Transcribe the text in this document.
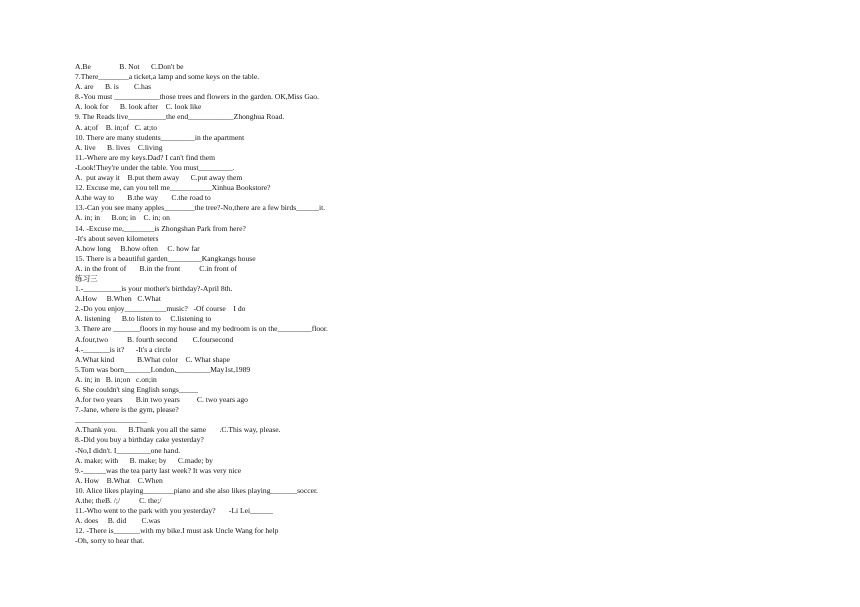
A.Be               B. Not      C.Don't be
7.There________a ticket,a lamp and some keys on the table.
A. are      B. is        C.has
8.-You must ____________those trees and flowers in the garden. OK,Miss Gao.
A. look for      B. look after    C. look like
9. The Reads live__________the end____________Zhonghua Road.
A. at;of    B. in;of   C. at;to
10. There are many students_________in the apartment
A. live      B. lives    C.living
11.-Where are my keys.Dad? I can't find them
-Look!They're under the table. You must_________.
A.  put away it    B.put them away      C.put away them
12. Excuse me, can you tell me___________Xinhua Bookstore?
A.the way to       B.the way       C.the road to
13.-Can you see many apples________the tree?-No,there are a few birds______it.
A. in; in      B.on; in    C. in; on
14. -Excuse me,________is Zhongshan Park from here?
-It's about seven kilometers
A.how long     B.how often     C. how far
15. There is a beautiful garden_________Kangkangs house
A. in the front of       B.in the front          C.in front of
练习三
1.-__________is your mother's birthday?-April 8th.
A.How     B.When   C.What
2.-Do you enjoy___________music?   -Of course    I do
A. listening      B.to listen to     C.listening to
3. There are _______floors in my house and my bedroom is on the_________floor.
A.four,two          B. fourth second        C.foursecond
4.-_______is it?      -It's a circle
A.What kind            B.What color    C. What shape
5.Tom was born_______London,_________May1st,1989
A. in; in   B. in;on   c.on;in
6. She couldn't sing English songs_____
A.for two years       B.in two years         C. two years ago
7.-Jane, where is the gym, please?
___________________
A.Thank you.      B.Thank you all the same       .C.This way, please.
8.-Did you buy a birthday cake yesterday?
-No,I didn't. I_________one hand.
A. make; with      B. make; by      C.made; by
9.-______was the tea party last week? It was very nice
A. How    B.What    C.When
10. Alice likes playing________piano and she also likes playing_______soccer.
A.the; theB. /;/          C. the;/
11.-Who went to the park with you yesterday?       -Li Lei______
A. does     B. did        C.was
12. -There is_______with my bike.I must ask Uncle Wang for help
-Oh, sorry to hear that.
